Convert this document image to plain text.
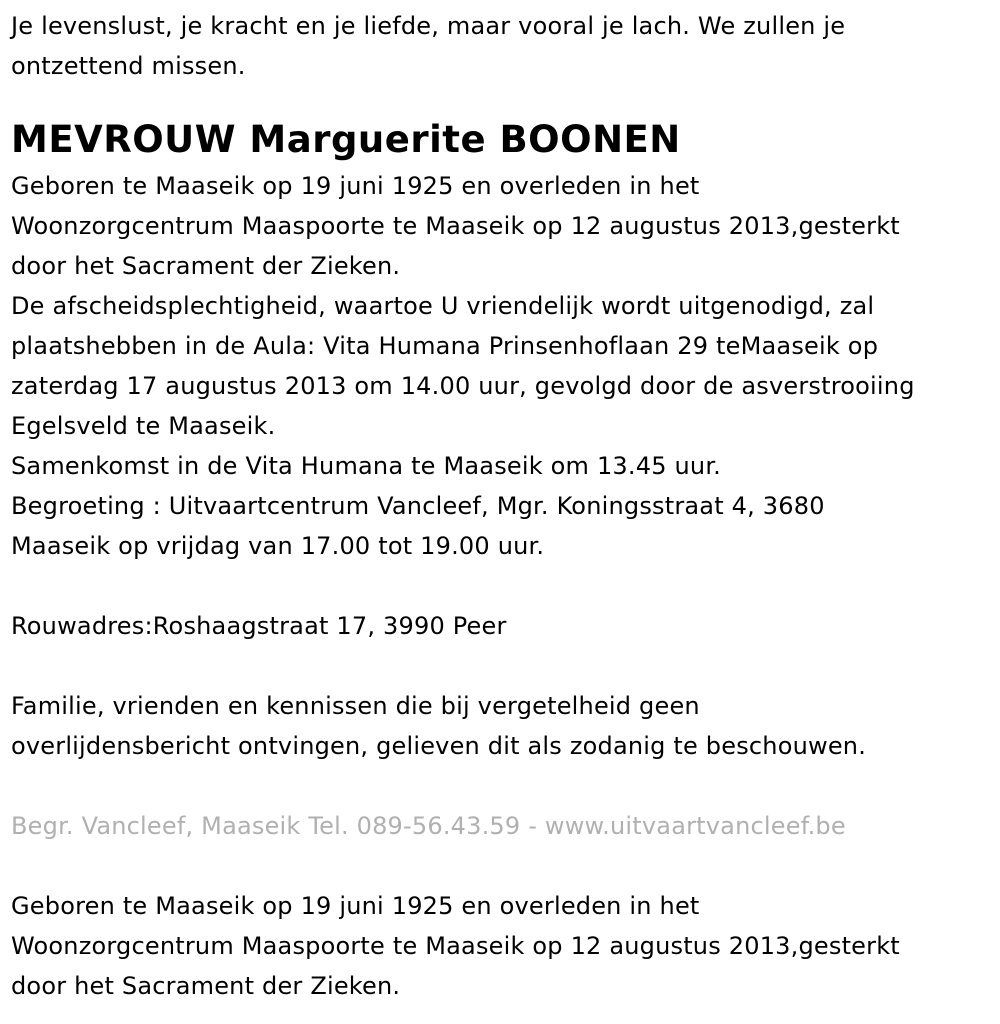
Je levenslust, je kracht en je liefde, maar vooral je lach. We zullen je

ontzettend missen.

MEVROUW Marguerite BOONEN

Geboren te Maaseik op 19 juni 1925 en overleden in het

Woonzorgcentrum Maaspoorte te Maaseik op 12 augustus 2013,gesterkt

door het Sacrament der Zieken.

De afscheidsplechtigheid, waartoe U vriendelijk wordt uitgenodigd, zal

plaatshebben in de Aula: Vita Humana Prinsenhoflaan 29 teMaaseik op

zaterdag 17 augustus 2013 om 14.00 uur, gevolgd door de asverstrooiing

Egelsveld te Maaseik.

Samenkomst in de Vita Humana te Maaseik om 13.45 uur.

Begroeting : Uitvaartcentrum Vancleef, Mgr. Koningsstraat 4, 3680

Maaseik op vrijdag van 17.00 tot 19.00 uur.

Rouwadres:Roshaagstraat 17, 3990 Peer

Familie, vrienden en kennissen die bij vergetelheid geen

overlijdensbericht ontvingen, gelieven dit als zodanig te beschouwen.

Begr. Vancleef, Maaseik Tel. 089-56.43.59 - www.uitvaartvancleef.be

Geboren te Maaseik op 19 juni 1925 en overleden in het

Woonzorgcentrum Maaspoorte te Maaseik op 12 augustus 2013,gesterkt

door het Sacrament der Zieken.
